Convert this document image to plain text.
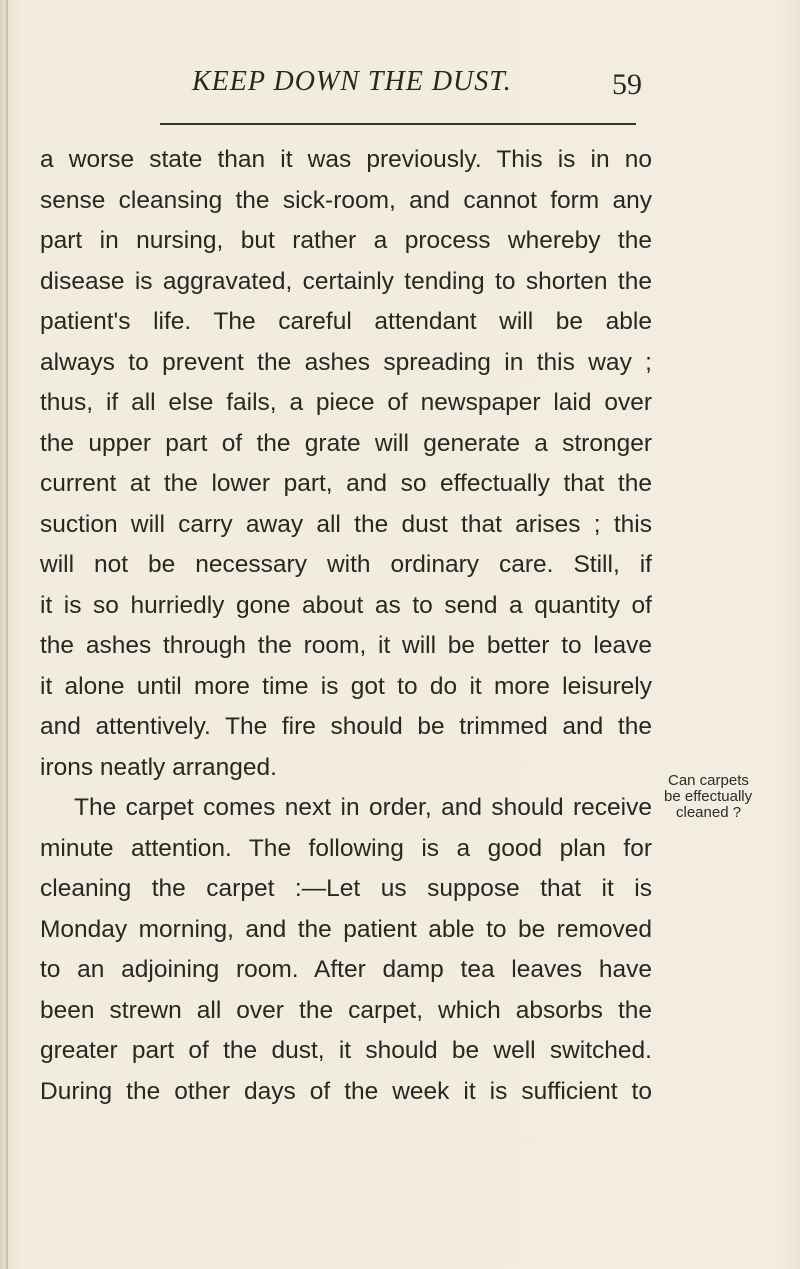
KEEP DOWN THE DUST.	59
a worse state than it was previously. This is in no
sense cleansing the sick-room, and cannot form any
part in nursing, but rather a process whereby the
disease is aggravated, certainly tending to shorten the
patient's life. The careful attendant will be able
always to prevent the ashes spreading in this way ;
thus, if all else fails, a piece of newspaper laid over
the upper part of the grate will generate a stronger
current at the lower part, and so effectually that the
suction will carry away all the dust that arises ; this
will not be necessary with ordinary care. Still, if
it is so hurriedly gone about as to send a quantity of
the ashes through the room, it will be better to leave
it alone until more time is got to do it more leisurely
and attentively. The fire should be trimmed and the
irons neatly arranged.
The carpet comes next in order, and should receive
minute attention. The following is a good plan for
cleaning the carpet :—Let us suppose that it is
Monday morning, and the patient able to be removed
to an adjoining room. After damp tea leaves have
been strewn all over the carpet, which absorbs the
greater part of the dust, it should be well switched.
During the other days of the week it is sufficient to
Can carpets
be effectually
cleaned ?
